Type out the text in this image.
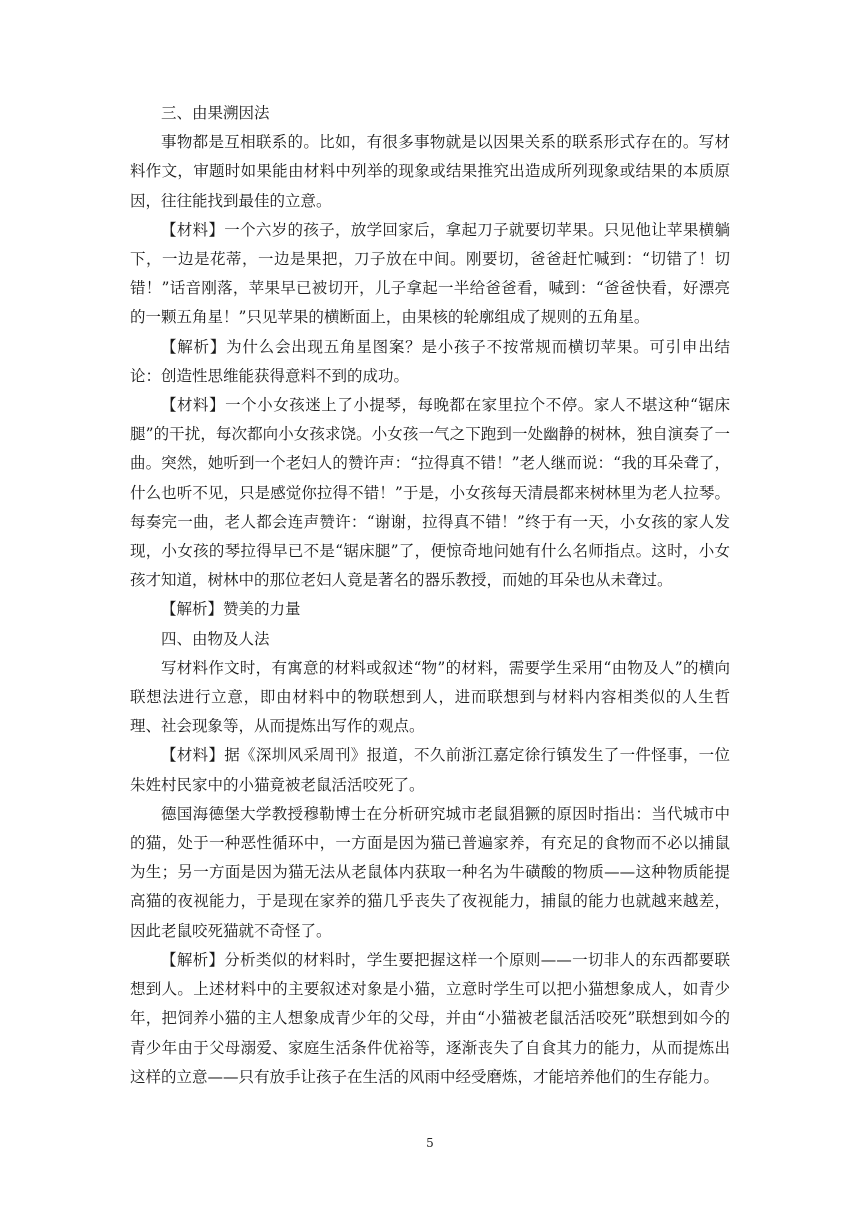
三、由果溯因法

事物都是互相联系的。比如，有很多事物就是以因果关系的联系形式存在的。写材料作文，审题时如果能由材料中列举的现象或结果推究出造成所列现象或结果的本质原因，往往能找到最佳的立意。

【材料】一个六岁的孩子，放学回家后，拿起刀子就要切苹果。只见他让苹果横躺下，一边是花蒂，一边是果把，刀子放在中间。刚要切，爸爸赶忙喊到：“切错了！切错！”话音刚落，苹果早已被切开，儿子拿起一半给爸爸看，喊到：“爸爸快看，好漂亮的一颗五角星！”只见苹果的横断面上，由果核的轮廓组成了规则的五角星。

【解析】为什么会出现五角星图案？是小孩子不按常规而横切苹果。可引申出结论：创造性思维能获得意料不到的成功。

【材料】一个小女孩迷上了小提琴，每晚都在家里拉个不停。家人不堪这种“锯床腿”的干扰，每次都向小女孩求饶。小女孩一气之下跑到一处幽静的树林，独自演奏了一曲。突然，她听到一个老妇人的赞许声：“拉得真不错！”老人继而说：“我的耳朵聋了，什么也听不见，只是感觉你拉得不错！”于是，小女孩每天清晨都来树林里为老人拉琴。每奏完一曲，老人都会连声赞许：“谢谢，拉得真不错！”终于有一天，小女孩的家人发现，小女孩的琴拉得早已不是“锯床腿”了，便惊奇地问她有什么名师指点。这时，小女孩才知道，树林中的那位老妇人竟是著名的器乐教授，而她的耳朵也从未聋过。

【解析】赞美的力量

四、由物及人法

写材料作文时，有寓意的材料或叙述“物”的材料，需要学生采用“由物及人”的横向联想法进行立意，即由材料中的物联想到人，进而联想到与材料内容相类似的人生哲理、社会现象等，从而提炼出写作的观点。

【材料】据《深圳风采周刊》报道，不久前浙江嘉定徐行镇发生了一件怪事，一位朱姓村民家中的小猫竟被老鼠活活咬死了。

德国海德堡大学教授穆勒博士在分析研究城市老鼠猖獗的原因时指出：当代城市中的猫，处于一种恶性循环中，一方面是因为猫已普遍家养，有充足的食物而不必以捕鼠为生；另一方面是因为猫无法从老鼠体内获取一种名为牛磺酸的物质——这种物质能提高猫的夜视能力，于是现在家养的猫几乎丧失了夜视能力，捕鼠的能力也就越来越差，因此老鼠咬死猫就不奇怪了。

【解析】分析类似的材料时，学生要把握这样一个原则——一切非人的东西都要联想到人。上述材料中的主要叙述对象是小猫，立意时学生可以把小猫想象成人，如青少年，把饲养小猫的主人想象成青少年的父母，并由“小猫被老鼠活活咬死”联想到如今的青少年由于父母溺爱、家庭生活条件优裕等，逐渐丧失了自食其力的能力，从而提炼出这样的立意——只有放手让孩子在生活的风雨中经受磨炼，才能培养他们的生存能力。

5
